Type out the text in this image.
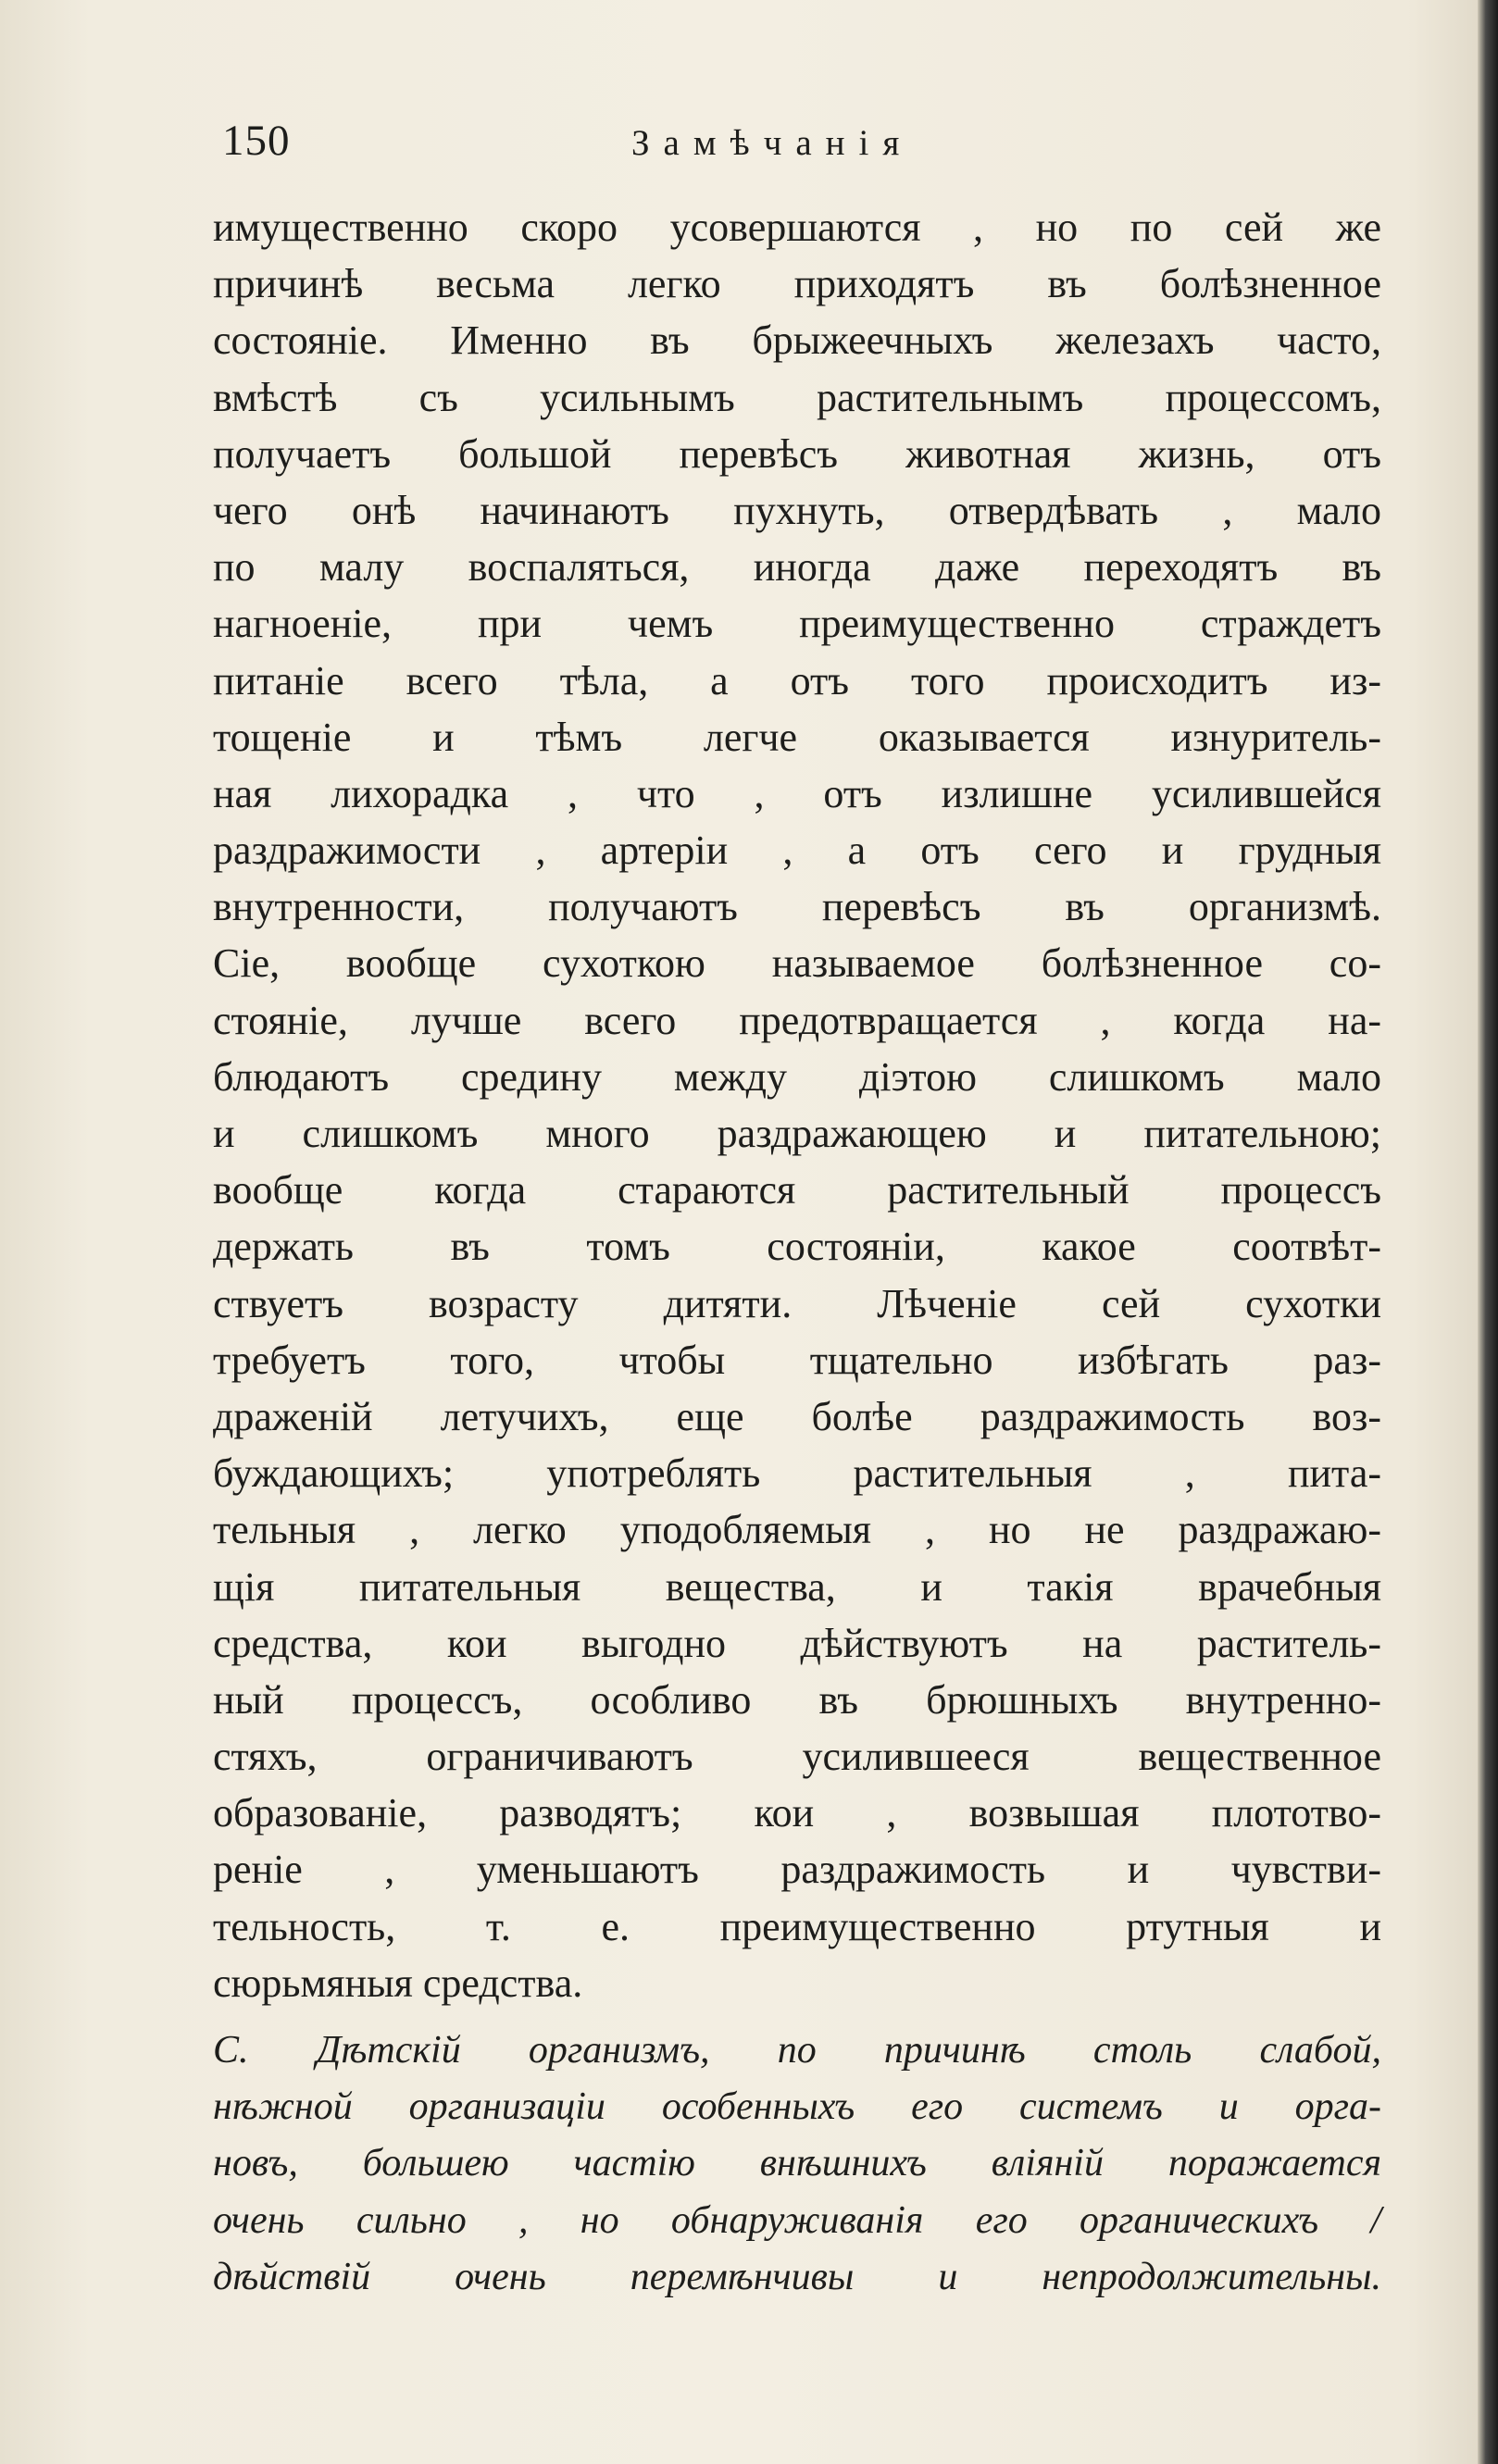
150	Замѣчанія
имущественно скоро усовершаются , но по сей же
причинѣ весьма легко приходятъ въ болѣзненное
состояніе. Именно въ брыжеечныхъ железахъ часто,
вмѣстѣ съ усильнымъ растительнымъ процессомъ,
получаетъ большой перевѣсъ животная жизнь, отъ
чего онѣ начинаютъ пухнуть, отвердѣвать , мало
по малу воспаляться, иногда даже переходятъ въ
нагноеніе, при чемъ преимущественно страждетъ
питаніе всего тѣла, а отъ того происходитъ из-
тощеніе и тѣмъ легче оказывается изнуритель-
ная лихорадка , что , отъ излишне усилившейся
раздражимости , артеріи , а отъ сего и грудныя
внутренности, получаютъ перевѣсъ въ организмѣ.
Сіе, вообще сухоткою называемое болѣзненное со-
стояніе, лучше всего предотвращается , когда на-
блюдаютъ средину между діэтою слишкомъ мало
и слишкомъ много раздражающею и питательною;
вообще когда стараются растительный процессъ
держать въ томъ состояніи, какое соотвѣт-
ствуетъ возрасту дитяти. Лѣченіе сей сухотки
требуетъ того, чтобы тщательно избѣгать раз-
драженій летучихъ, еще болѣе раздражимость воз-
буждающихъ; употреблять растительныя , пита-
тельныя , легко уподобляемыя , но не раздражаю-
щія питательныя вещества, и такія врачебныя
средства, кои выгодно дѣйствуютъ на раститель-
ный процессъ, особливо въ брюшныхъ внутренно-
стяхъ, ограничиваютъ усилившееся вещественное
образованіе, разводятъ; кои , возвышая плототво-
реніе , уменьшаютъ раздражимость и чувстви-
тельность, т. е. преимущественно ртутныя и
сюрьмяныя средства.
C. Дѣтскій организмъ, по причинѣ столь слабой,
нѣжной организаціи особенныхъ его системъ и орга-
новъ, большею частію внѣшнихъ вліяній поражается
очень сильно , но обнаруживанія его органическихъ /
дѣйствій очень перемѣнчивы и непродолжительны.
